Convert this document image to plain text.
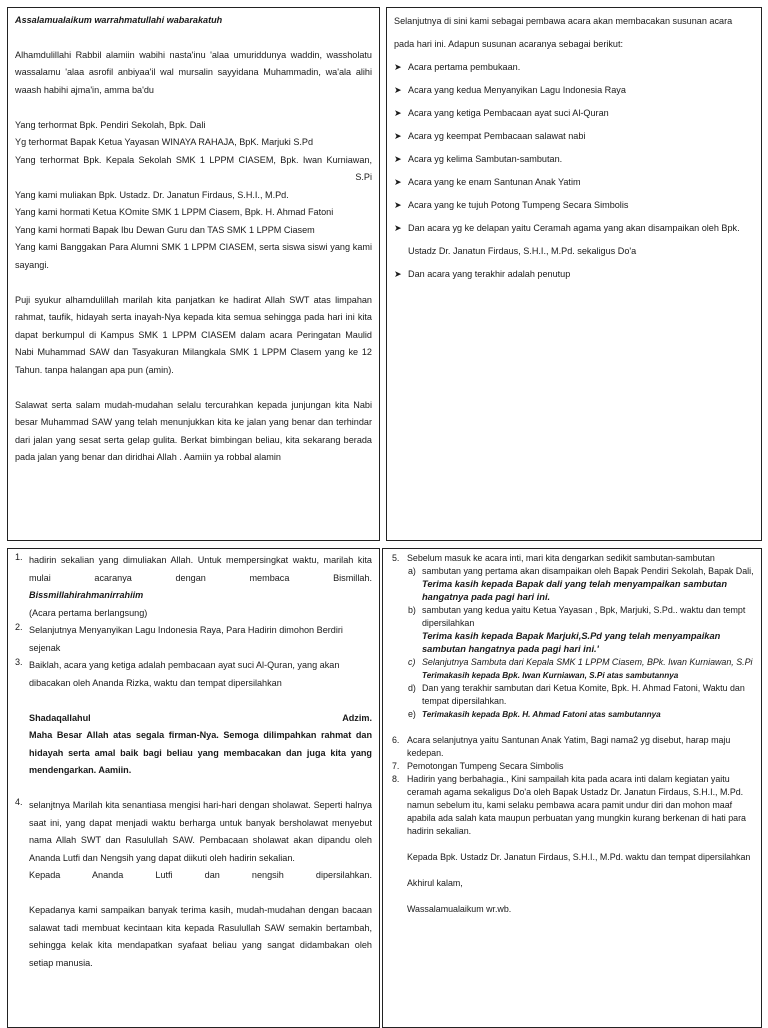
Assalamualaikum warrahmatullahi wabarakatuh

Alhamdulillahi Rabbil alamiin wabihi nasta'inu 'alaa umuriddunya waddin, wassholatu wassalamu 'alaa asrofil anbiyaa'il wal mursalin sayyidana Muhammadin, wa'ala alihi waash habihi ajma'in, amma ba'du

Yang terhormat Bpk. Pendiri Sekolah, Bpk. Dali

Yg terhormat Bapak Ketua Yayasan WINAYA RAHAJA, BpK. Marjuki S.Pd

Yang terhormat Bpk. Kepala Sekolah SMK 1 LPPM CIASEM, Bpk. Iwan Kurniawan,

S.Pi

Yang kami muliakan Bpk. Ustadz. Dr. Janatun Firdaus, S.H.I., M.Pd.

Yang kami hormati Ketua KOmite SMK 1 LPPM Ciasem, Bpk. H. Ahmad Fatoni

Yang kami hormati Bapak Ibu Dewan Guru dan TAS SMK 1 LPPM Ciasem

Yang kami Banggakan Para Alumni SMK 1 LPPM CIASEM, serta siswa siswi yang kami sayangi.

Puji syukur alhamdulillah marilah kita panjatkan ke hadirat Allah SWT atas limpahan rahmat, taufik, hidayah serta inayah-Nya kepada kita semua sehingga pada hari ini kita dapat berkumpul di Kampus SMK 1 LPPM CIASEM dalam acara Peringatan Maulid Nabi Muhammad SAW dan Tasyakuran Milangkala SMK 1 LPPM Clasem yang ke 12 Tahun. tanpa halangan apa pun (amin).

Salawat serta salam mudah-mudahan selalu tercurahkan kepada junjungan kita Nabi besar Muhammad SAW yang telah menunjukkan kita ke jalan yang benar dan terhindar dari jalan yang sesat serta gelap gulita. Berkat bimbingan beliau, kita sekarang berada pada jalan yang benar dan diridhai Allah . Aamiin ya robbal alamin

Selanjutnya di sini kami sebagai pembawa acara akan membacakan susunan acara pada hari ini. Adapun susunan acaranya sebagai berikut:

➤ Acara pertama pembukaan.
➤ Acara yang kedua Menyanyikan Lagu Indonesia Raya
➤ Acara yang ketiga Pembacaan ayat suci Al-Quran
➤ Acara yg keempat Pembacaan salawat nabi
➤ Acara yg kelima Sambutan-sambutan.
➤ Acara yang ke enam Santunan Anak Yatim
➤ Acara yang ke tujuh Potong Tumpeng Secara Simbolis
➤ Dan acara yg ke delapan yaitu Ceramah agama yang akan disampaikan oleh Bpk. Ustadz Dr. Janatun Firdaus, S.H.I., M.Pd. sekaligus Do'a
➤ Dan acara yang terakhir adalah penutup
1. hadirin sekalian yang dimuliakan Allah. Untuk mempersingkat waktu, marilah kita mulai acaranya dengan membaca Bismillah.

Bissmillahirahmanirrahiim

(Acara pertama berlangsung)

2. Selanjutnya Menyanyikan Lagu Indonesia Raya, Para Hadirin dimohon Berdiri sejenak

3. Baiklah, acara yang ketiga adalah pembacaan ayat suci Al-Quran, yang akan dibacakan oleh Ananda Rizka, waktu dan tempat dipersilahkan

Shadaqallahul	Adzim.

Maha Besar Allah atas segala firman-Nya. Semoga dilimpahkan rahmat dan hidayah serta amal baik bagi beliau yang membacakan dan juga kita yang mendengarkan. Aamiin.

4. selanjtnya Marilah kita senantiasa mengisi hari-hari dengan sholawat. Seperti halnya saat ini, yang dapat menjadi waktu berharga untuk banyak bersholawat menyebut nama Allah SWT dan Rasulullah SAW. Pembacaan sholawat akan dipandu oleh Ananda Lutfi dan Nengsih yang dapat diikuti oleh hadirin sekalian.

Kepada Ananda Lutfi dan nengsih dipersilahkan.

Kepadanya kami sampaikan banyak terima kasih, mudah-mudahan dengan bacaan salawat tadi membuat kecintaan kita kepada Rasulullah SAW semakin bertambah, sehingga kelak kita mendapatkan syafaat beliau yang sangat didambakan oleh setiap manusia.

5. Sebelum masuk ke acara inti, mari kita dengarkan sedikit sambutan-sambutan

a) sambutan yang pertama akan disampaikan oleh Bapak Pendiri Sekolah, Bapak Dali,

Terima kasih kepada Bapak dali yang telah menyampaikan sambutan hangatnya pada pagi hari ini.

b) sambutan yang kedua yaitu Ketua Yayasan , Bpk, Marjuki, S.Pd.. waktu dan tempt dipersilahkan

Terima kasih kepada Bapak Marjuki,S.Pd yang telah menyampaikan sambutan hangatnya pada pagi hari ini.'

c) Selanjutnya Sambuta dari Kepala SMK 1 LPPM Ciasem, BPk. Iwan Kurniawan, S.Pi

Terimakasih kepada Bpk. Iwan Kurniawan, S.Pi atas sambutannya

d) Dan yang terakhir sambutan dari Ketua Komite, Bpk. H. Ahmad Fatoni, Waktu dan tempat dipersilahkan.

e) Terimakasih kepada Bpk. H. Ahmad Fatoni atas sambutannya

6. Acara selanjutnya yaitu Santunan Anak Yatim, Bagi nama2 yg disebut, harap maju kedepan.

7. Pemotongan Tumpeng Secara Simbolis

8. Hadirin yang berbahagia., Kini sampailah kita pada acara inti dalam kegiatan yaitu ceramah agama sekaligus Do'a oleh Bapak Ustadz Dr. Janatun Firdaus, S.H.I., M.Pd. namun sebelum itu, kami selaku pembawa acara pamit undur diri dan mohon maaf apabila ada salah kata maupun perbuatan yang mungkin kurang berkenan di hati para hadirin sekalian.

Kepada Bpk. Ustadz Dr. Janatun Firdaus, S.H.I., M.Pd. waktu dan tempat dipersilahkan

Akhirul kalam,

Wassalamualaikum wr.wb.
